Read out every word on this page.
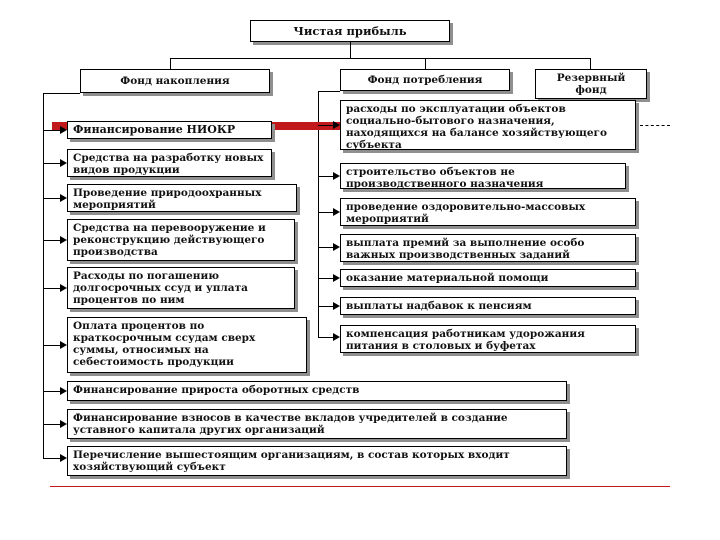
Чистая прибыль
Фонд накопления	Фонд потребления	Резервный фонд
Финансирование НИОКР
Средства на разработку новых видов продукции
Проведение природоохранных мероприятий
Средства на перевооружение и реконструкцию действующего производства
Расходы по погашению долгосрочных ссуд и уплата процентов по ним
Оплата процентов по краткосрочным ссудам сверх суммы, относимых на себестоимость продукции
расходы по эксплуатации объектов социально-бытового назначения, находящихся на балансе хозяйствующего субъекта
строительство объектов не производственного назначения
проведение оздоровительно-массовых мероприятий
выплата премий за выполнение особо важных производственных заданий
оказание материальной помощи
выплаты надбавок к пенсиям
компенсация работникам удорожания питания в столовых и буфетах
Финансирование прироста оборотных средств
Финансирование взносов в качестве вкладов учредителей в создание уставного капитала других организаций
Перечисление вышестоящим организациям, в состав которых входит хозяйствующий субъект
